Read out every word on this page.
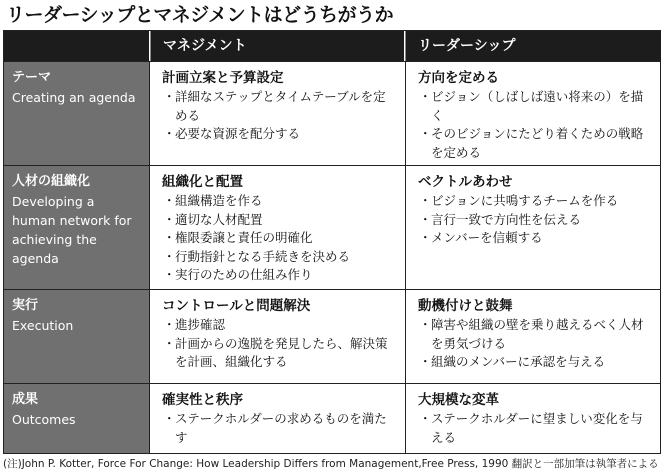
リーダーシップとマネジメントはどうちがうか
マネジメント	リーダーシップ
テーマ
Creating an agenda
計画立案と予算設定
・ 詳細なステップとタイムテーブルを定める
・ 必要な資源を配分する
方向を定める
・ ビジョン（しばしば遠い将来の）を描く
・ そのビジョンにたどり着くための戦略を定める
人材の組織化
Developing a human network for achieving the agenda
組織化と配置
・ 組織構造を作る
・ 適切な人材配置
・ 権限委譲と責任の明確化
・ 行動指針となる手続きを決める
・ 実行のための仕組み作り
ベクトルあわせ
・ ビジョンに共鳴するチームを作る
・ 言行一致で方向性を伝える
・ メンバーを信頼する
実行
Execution
コントロールと問題解決
・ 進捗確認
・ 計画からの逸脱を発見したら、解決策を計画、組織化する
動機付けと鼓舞
・ 障害や組織の壁を乗り越えるべく人材を勇気づける
・ 組織のメンバーに承認を与える
成果
Outcomes
確実性と秩序
・ ステークホルダーの求めるものを満たす
大規模な変革
・ ステークホルダーに望ましい変化を与える
(注)John P. Kotter, Force For Change: How Leadership Differs from Management,Free Press, 1990 翻訳と一部加筆は執筆者による
